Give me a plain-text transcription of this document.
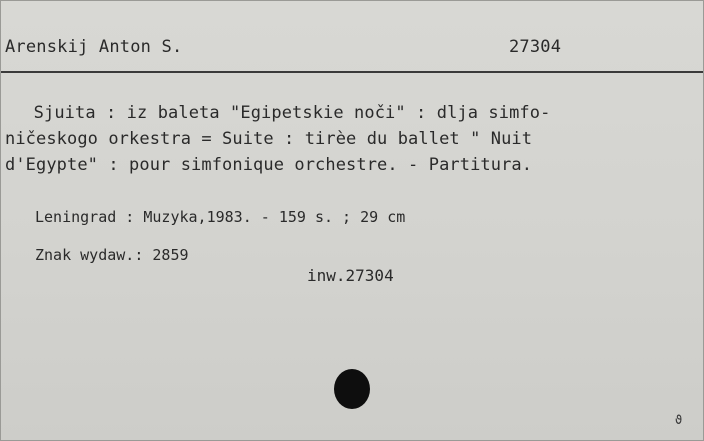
Arenskij Anton S.	27304
Sjuita : iz baleta "Egipetskie noči" : dlja simfo-
ničeskogo orkestra = Suite : tirèe du ballet " Nuit
d'Egypte" : pour simfonique orchestre. - Partitura.
Leningrad : Muzyka,1983. - 159 s. ; 29 cm
Znak wydaw.: 2859
inw.27304
ϑ
